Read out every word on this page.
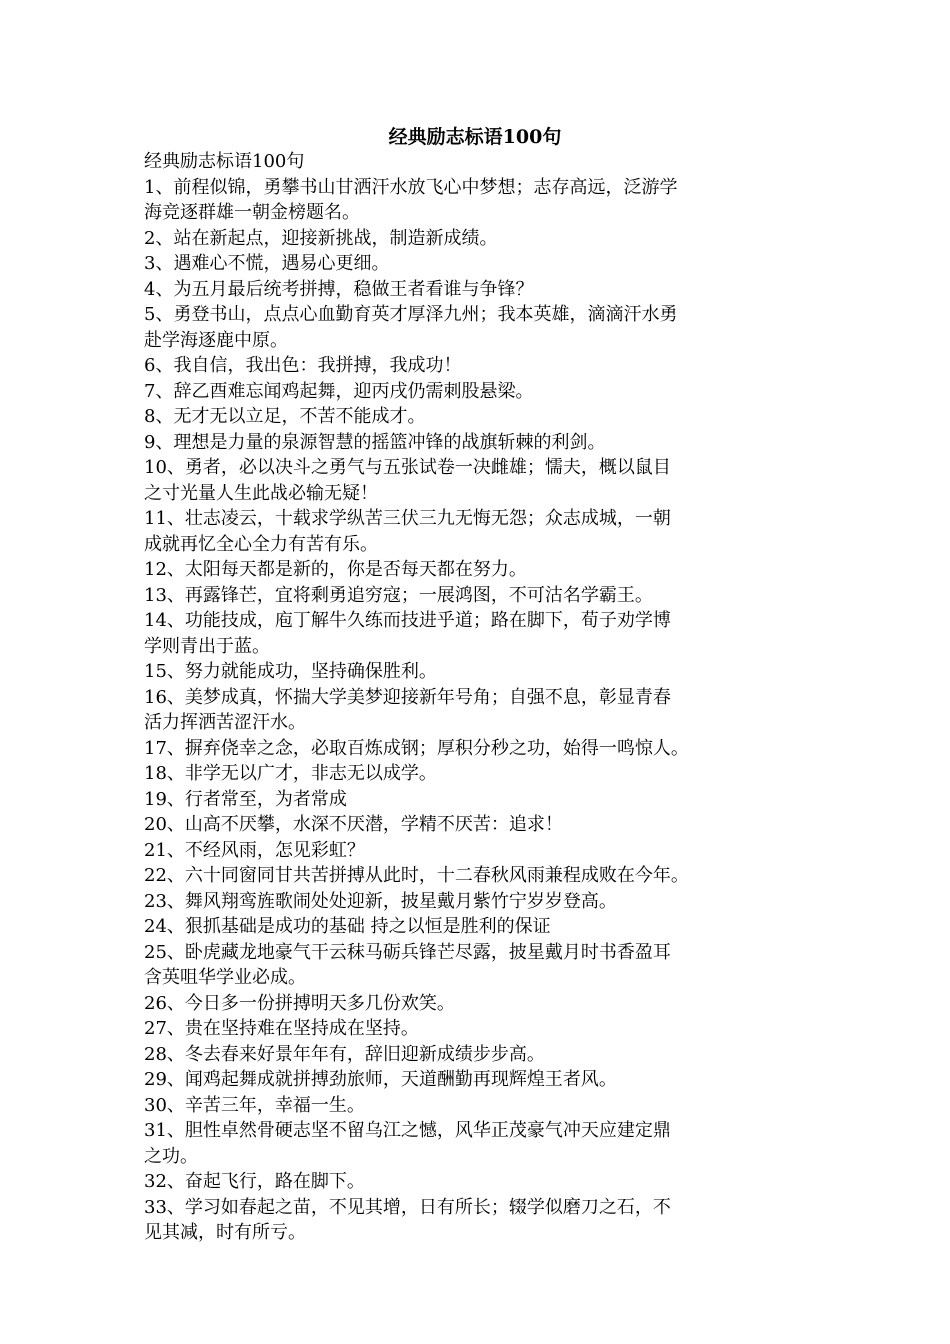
经典励志标语100句
经典励志标语100句
1、前程似锦，勇攀书山甘洒汗水放飞心中梦想；志存高远，泛游学
海竞逐群雄一朝金榜题名。
2、站在新起点，迎接新挑战，制造新成绩。
3、遇难心不慌，遇易心更细。
4、为五月最后统考拼搏，稳做王者看谁与争锋？
5、勇登书山，点点心血勤育英才厚泽九州；我本英雄，滴滴汗水勇
赴学海逐鹿中原。
6、我自信，我出色：我拼搏，我成功！
7、辞乙酉难忘闻鸡起舞，迎丙戌仍需刺股悬梁。
8、无才无以立足，不苦不能成才。
9、理想是力量的泉源智慧的摇篮冲锋的战旗斩棘的利剑。
10、勇者，必以决斗之勇气与五张试卷一决雌雄；懦夫，概以鼠目
之寸光量人生此战必输无疑！
11、壮志凌云，十载求学纵苦三伏三九无悔无怨；众志成城，一朝
成就再忆全心全力有苦有乐。
12、太阳每天都是新的，你是否每天都在努力。
13、再露锋芒，宜将剩勇追穷寇；一展鸿图，不可沽名学霸王。
14、功能技成，庖丁解牛久练而技进乎道；路在脚下，荀子劝学博
学则青出于蓝。
15、努力就能成功，坚持确保胜利。
16、美梦成真，怀揣大学美梦迎接新年号角；自强不息，彰显青春
活力挥洒苦涩汗水。
17、摒弃侥幸之念，必取百炼成钢；厚积分秒之功，始得一鸣惊人。
18、非学无以广才，非志无以成学。
19、行者常至，为者常成
20、山高不厌攀，水深不厌潜，学精不厌苦：追求！
21、不经风雨，怎见彩虹？
22、六十同窗同甘共苦拼搏从此时，十二春秋风雨兼程成败在今年。
23、舞风翔鸾旌歌闹处处迎新，披星戴月紫竹宁岁岁登高。
24、狠抓基础是成功的基础 持之以恒是胜利的保证
25、卧虎藏龙地豪气干云秣马砺兵锋芒尽露，披星戴月时书香盈耳
含英咀华学业必成。
26、今日多一份拼搏明天多几份欢笑。
27、贵在坚持难在坚持成在坚持。
28、冬去春来好景年年有，辞旧迎新成绩步步高。
29、闻鸡起舞成就拼搏劲旅师，天道酬勤再现辉煌王者风。
30、辛苦三年，幸福一生。
31、胆性卓然骨硬志坚不留乌江之憾，风华正茂豪气冲天应建定鼎
之功。
32、奋起飞行，路在脚下。
33、学习如春起之苗，不见其增，日有所长；辍学似磨刀之石，不
见其减，时有所亏。
